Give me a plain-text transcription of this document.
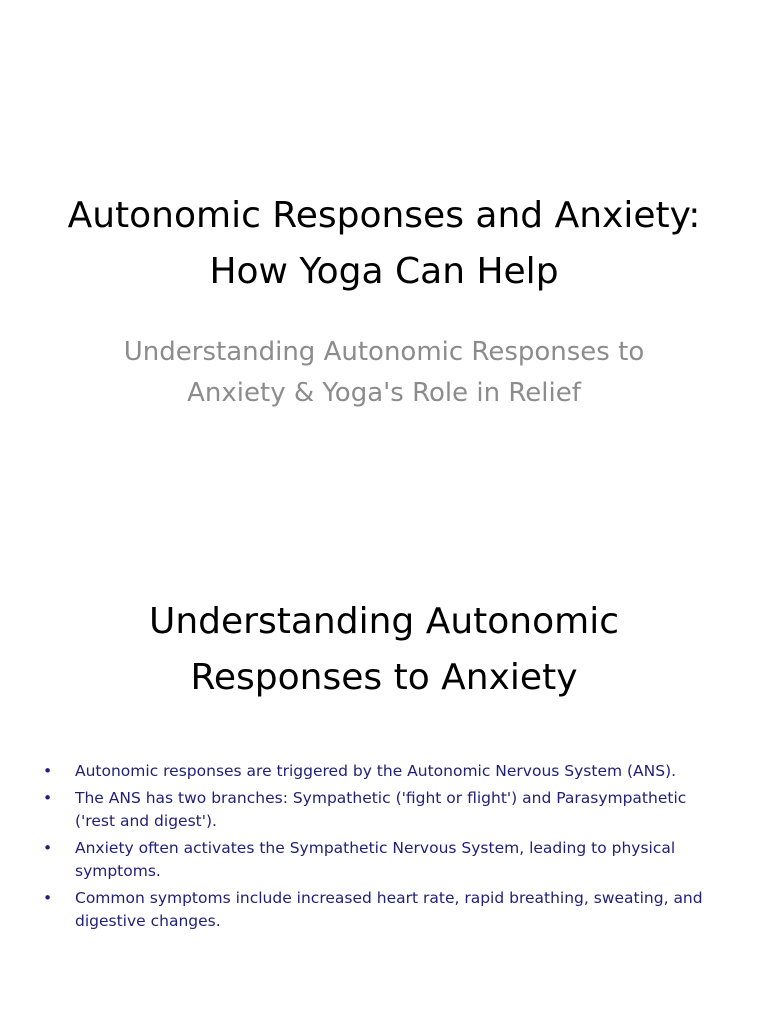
Autonomic Responses and Anxiety: How Yoga Can Help

Understanding Autonomic Responses to Anxiety & Yoga's Role in Relief

Understanding Autonomic Responses to Anxiety
• Autonomic responses are triggered by the Autonomic Nervous System (ANS).
• The ANS has two branches: Sympathetic ('fight or flight') and Parasympathetic ('rest and digest').
• Anxiety often activates the Sympathetic Nervous System, leading to physical symptoms.
• Common symptoms include increased heart rate, rapid breathing, sweating, and digestive changes.
